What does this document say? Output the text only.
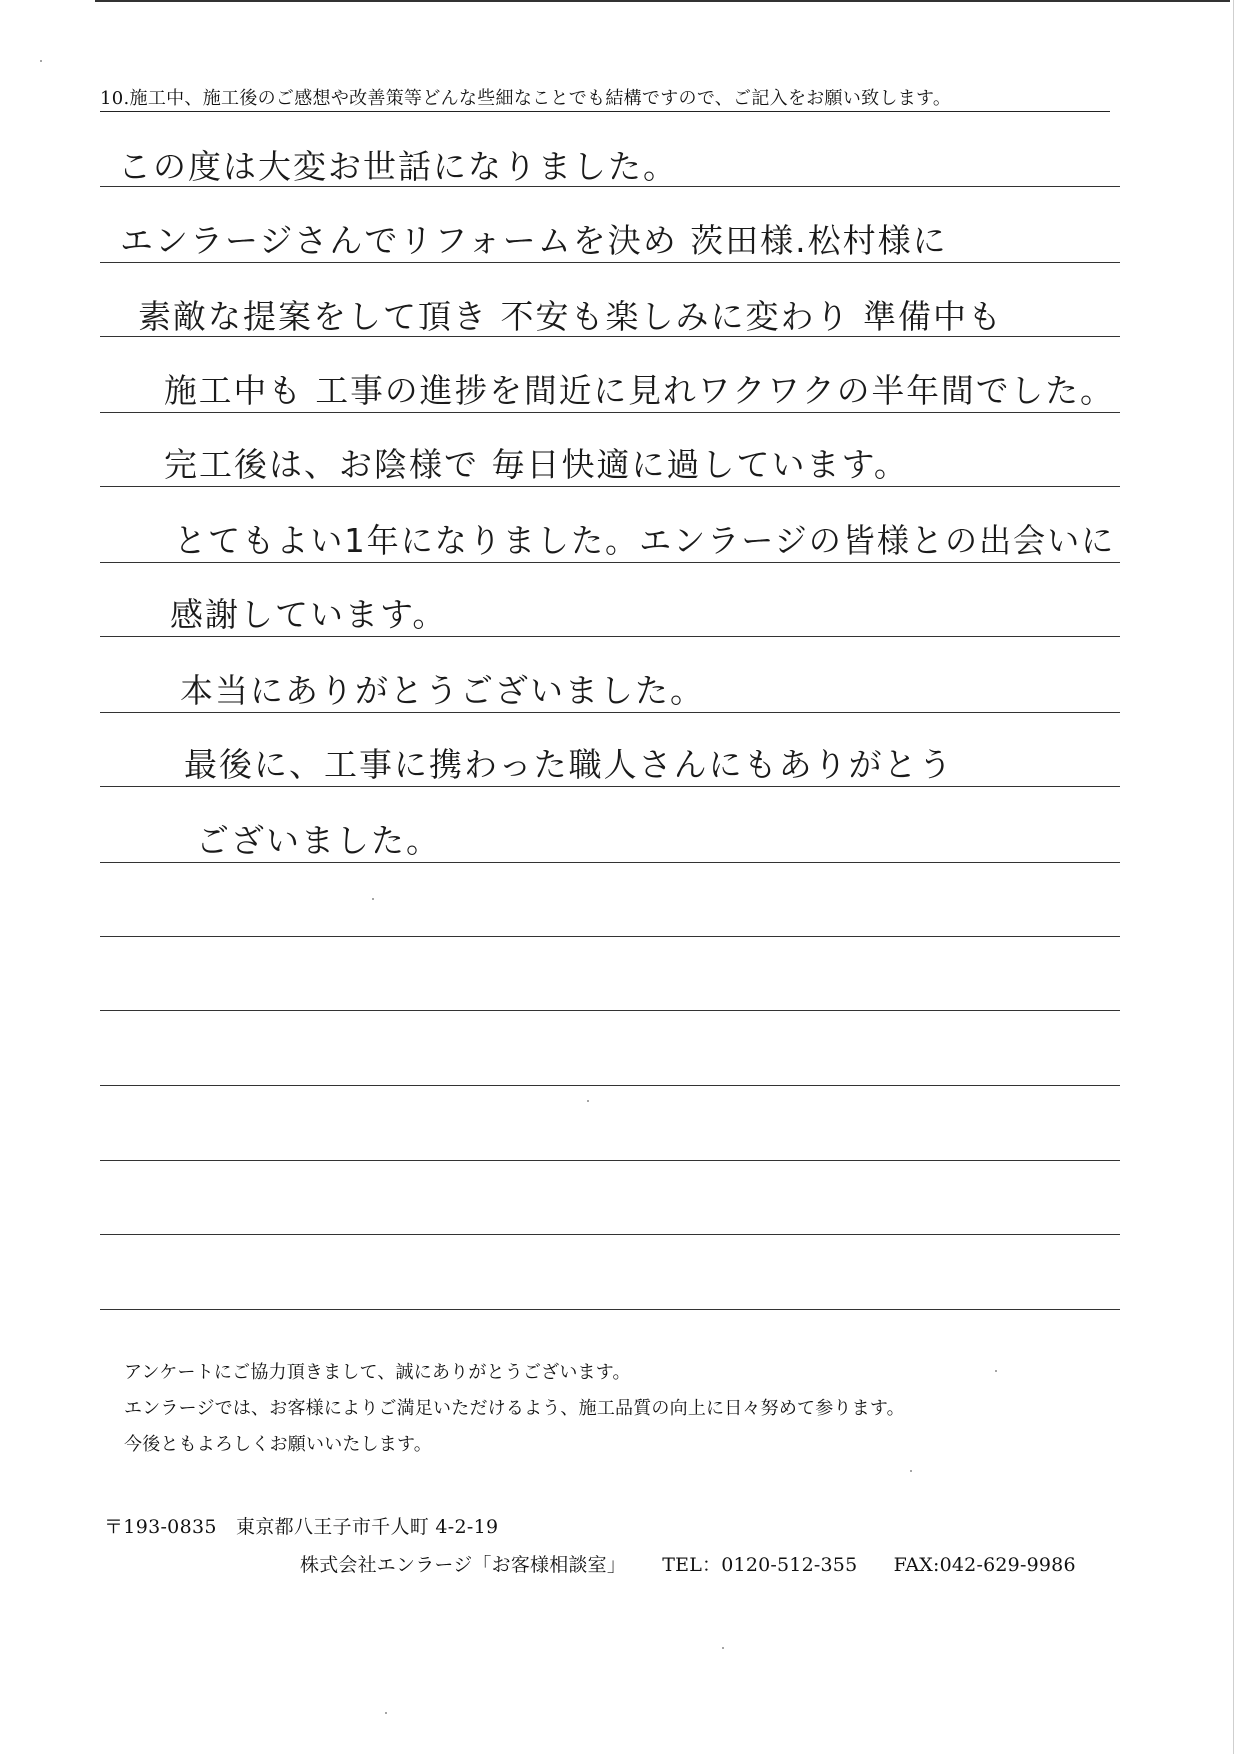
10.施工中、施工後のご感想や改善策等どんな些細なことでも結構ですので、ご記入をお願い致します。
この度は大変お世話になりました。
エンラージさんでリフォームを決め 茨田様.松村様に
素敵な提案をして頂き 不安も楽しみに変わり 準備中も
施工中も 工事の進捗を間近に見れワクワクの半年間でした。
完工後は、お陰様で 毎日快適に過しています。
とてもよい1年になりました。エンラージの皆様との出会いに
感謝しています。
本当にありがとうございました。
最後に、工事に携わった職人さんにもありがとう
ございました。
アンケートにご協力頂きまして、誠にありがとうございます。
エンラージでは、お客様によりご満足いただけるよう、施工品質の向上に日々努めて参ります。
今後ともよろしくお願いいたします。
〒193-0835　東京都八王子市千人町 4-2-19
株式会社エンラージ「お客様相談室」 TEL：0120-512-355 FAX:042-629-9986
